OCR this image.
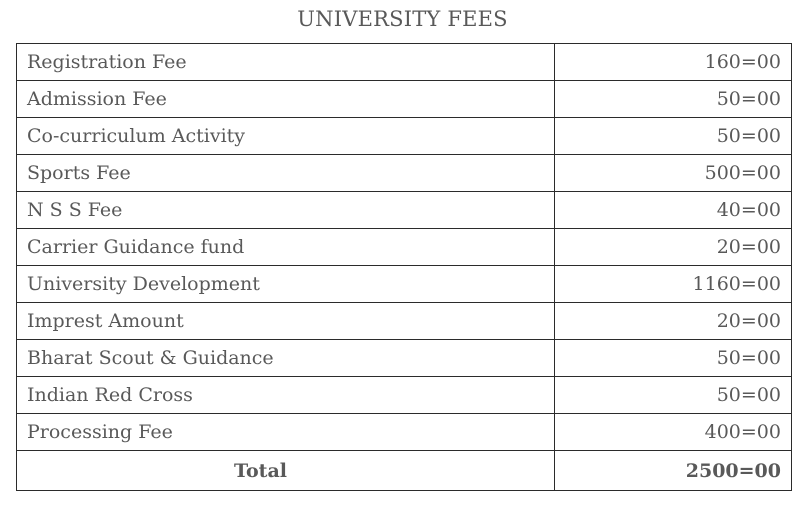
UNIVERSITY FEES
Registration Fee	160=00
Admission Fee	50=00
Co-curriculum Activity	50=00
Sports Fee	500=00
N S S Fee	40=00
Carrier Guidance fund	20=00
University Development	1160=00
Imprest Amount	20=00
Bharat Scout & Guidance	50=00
Indian Red Cross	50=00
Processing Fee	400=00
Total	2500=00
